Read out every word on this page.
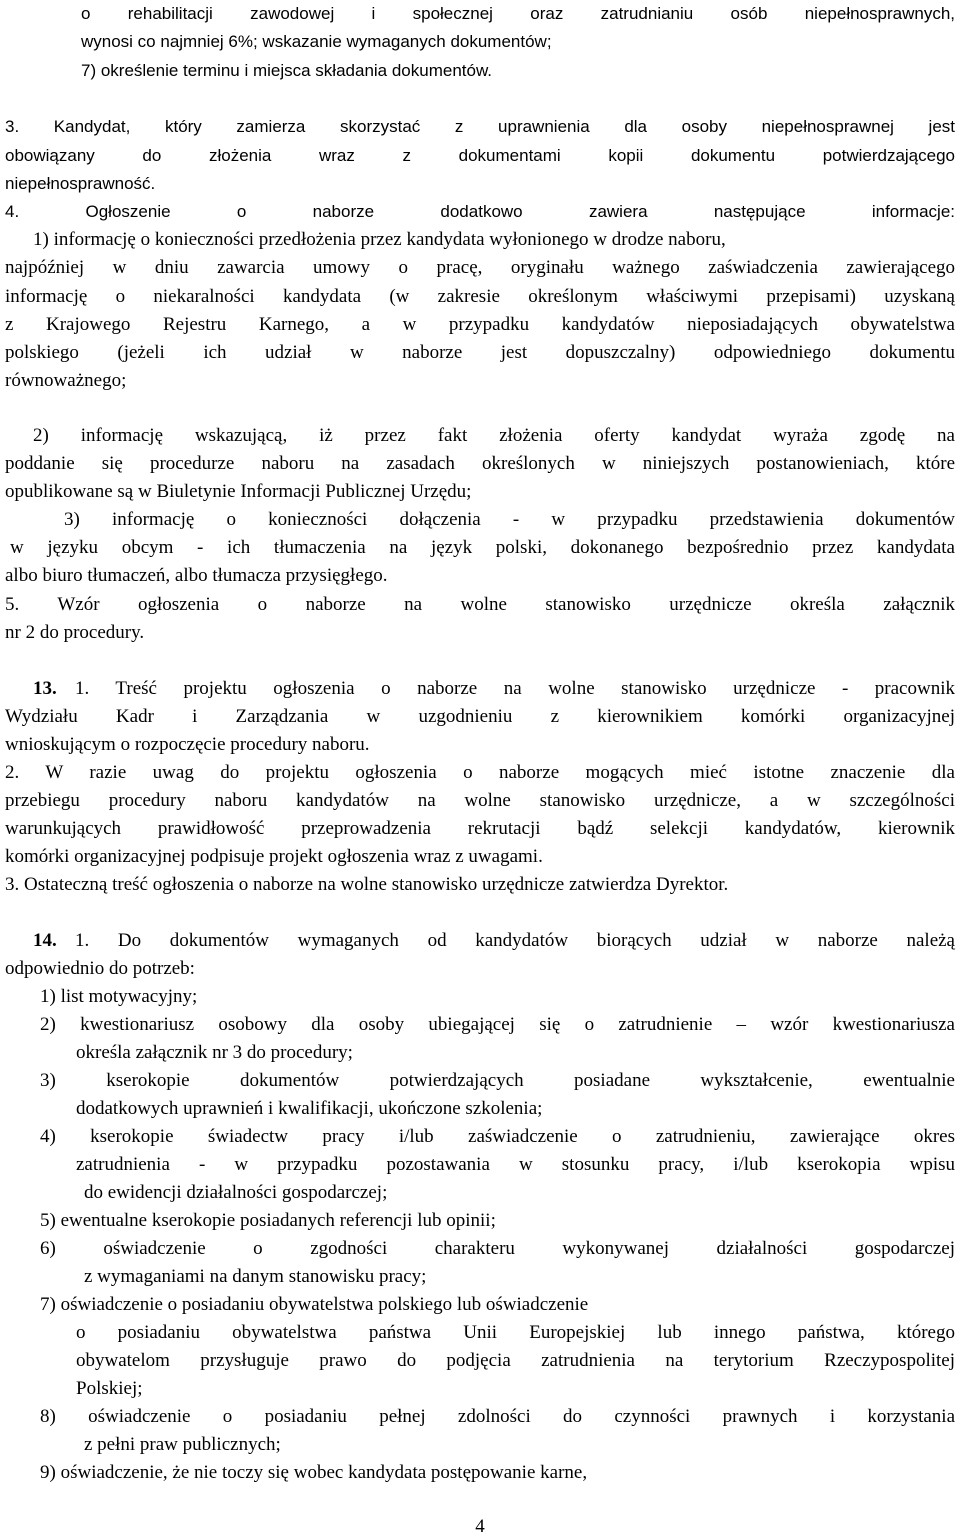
o rehabilitacji zawodowej i społecznej oraz zatrudnianiu osób niepełnosprawnych,
wynosi co najmniej 6%; wskazanie wymaganych dokumentów;
7) określenie terminu i miejsca składania dokumentów.
3. Kandydat, który zamierza skorzystać z uprawnienia dla osoby niepełnosprawnej jest
obowiązany do złożenia wraz z dokumentami kopii dokumentu potwierdzającego
niepełnosprawność.
4. Ogłoszenie o naborze dodatkowo zawiera następujące informacje:
1) informację o konieczności przedłożenia przez kandydata wyłonionego w drodze naboru,
najpóźniej w dniu zawarcia umowy o pracę, oryginału ważnego zaświadczenia zawierającego
informację o niekaralności kandydata (w zakresie określonym właściwymi przepisami) uzyskaną
z Krajowego Rejestru Karnego, a w przypadku kandydatów nieposiadających obywatelstwa
polskiego (jeżeli ich udział w naborze jest dopuszczalny) odpowiedniego dokumentu
równoważnego;
2) informację wskazującą, iż przez fakt złożenia oferty kandydat wyraża zgodę na
poddanie się procedurze naboru na zasadach określonych w niniejszych postanowieniach, które
opublikowane są w Biuletynie Informacji Publicznej Urzędu;
3) informację o konieczności dołączenia - w przypadku przedstawienia dokumentów
w języku obcym - ich tłumaczenia na język polski, dokonanego bezpośrednio przez kandydata
albo biuro tłumaczeń, albo tłumacza przysięgłego.
5. Wzór ogłoszenia o naborze na wolne stanowisko urzędnicze określa załącznik
nr 2 do procedury.
13. 1. Treść projektu ogłoszenia o naborze na wolne stanowisko urzędnicze - pracownik
Wydziału Kadr i Zarządzania w uzgodnieniu z kierownikiem komórki organizacyjnej
wnioskującym o rozpoczęcie procedury naboru.
2. W razie uwag do projektu ogłoszenia o naborze mogących mieć istotne znaczenie dla
przebiegu procedury naboru kandydatów na wolne stanowisko urzędnicze, a w szczególności
warunkujących prawidłowość przeprowadzenia rekrutacji bądź selekcji kandydatów, kierownik
komórki organizacyjnej podpisuje projekt ogłoszenia wraz z uwagami.
3. Ostateczną treść ogłoszenia o naborze na wolne stanowisko urzędnicze zatwierdza Dyrektor.
14. 1. Do dokumentów wymaganych od kandydatów biorących udział w naborze należą
odpowiednio do potrzeb:
1) list motywacyjny;
2) kwestionariusz osobowy dla osoby ubiegającej się o zatrudnienie – wzór kwestionariusza
określa załącznik nr 3 do procedury;
3) kserokopie dokumentów potwierdzających posiadane wykształcenie, ewentualnie
dodatkowych uprawnień i kwalifikacji, ukończone szkolenia;
4) kserokopie świadectw pracy i/lub zaświadczenie o zatrudnieniu, zawierające okres
zatrudnienia - w przypadku pozostawania w stosunku pracy, i/lub kserokopia wpisu
do ewidencji działalności gospodarczej;
5) ewentualne kserokopie posiadanych referencji lub opinii;
6) oświadczenie o zgodności charakteru wykonywanej działalności gospodarczej
z wymaganiami na danym stanowisku pracy;
7) oświadczenie o posiadaniu obywatelstwa polskiego lub oświadczenie
o posiadaniu obywatelstwa państwa Unii Europejskiej lub innego państwa, którego
obywatelom przysługuje prawo do podjęcia zatrudnienia na terytorium Rzeczypospolitej
Polskiej;
8) oświadczenie o posiadaniu pełnej zdolności do czynności prawnych i korzystania
z pełni praw publicznych;
9) oświadczenie, że nie toczy się wobec kandydata postępowanie karne,
4
